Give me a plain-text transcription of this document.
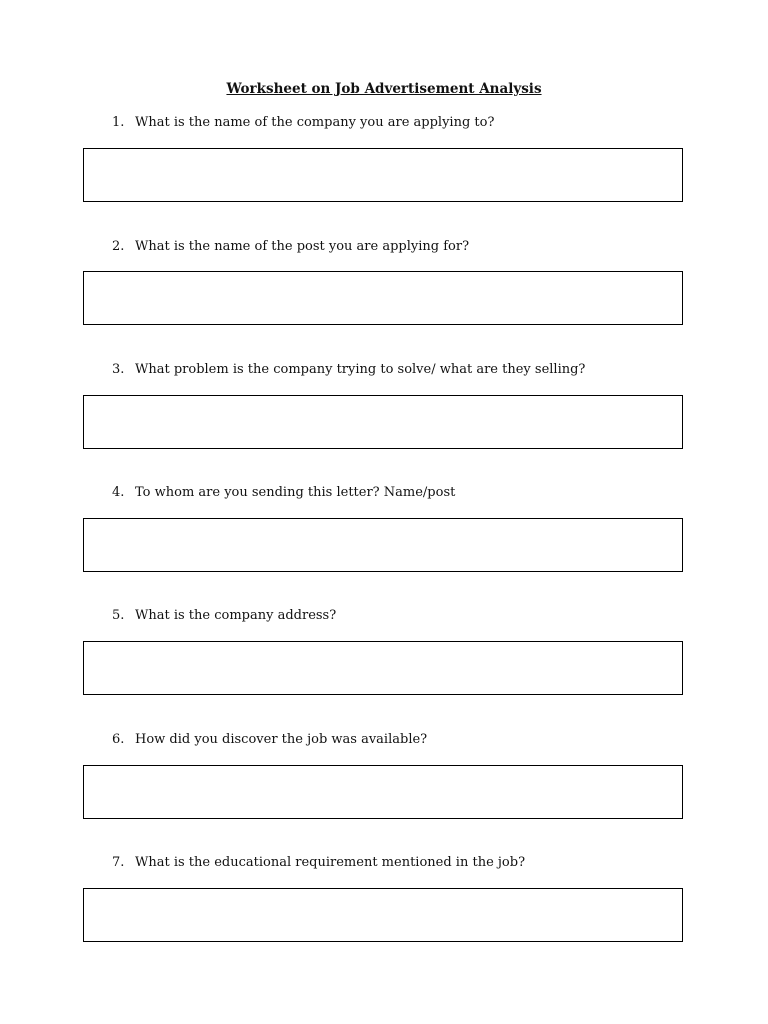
Worksheet on Job Advertisement Analysis
1. What is the name of the company you are applying to?
2. What is the name of the post you are applying for?
3. What problem is the company trying to solve/ what are they selling?
4. To whom are you sending this letter? Name/post
5. What is the company address?
6. How did you discover the job was available?
7. What is the educational requirement mentioned in the job?
